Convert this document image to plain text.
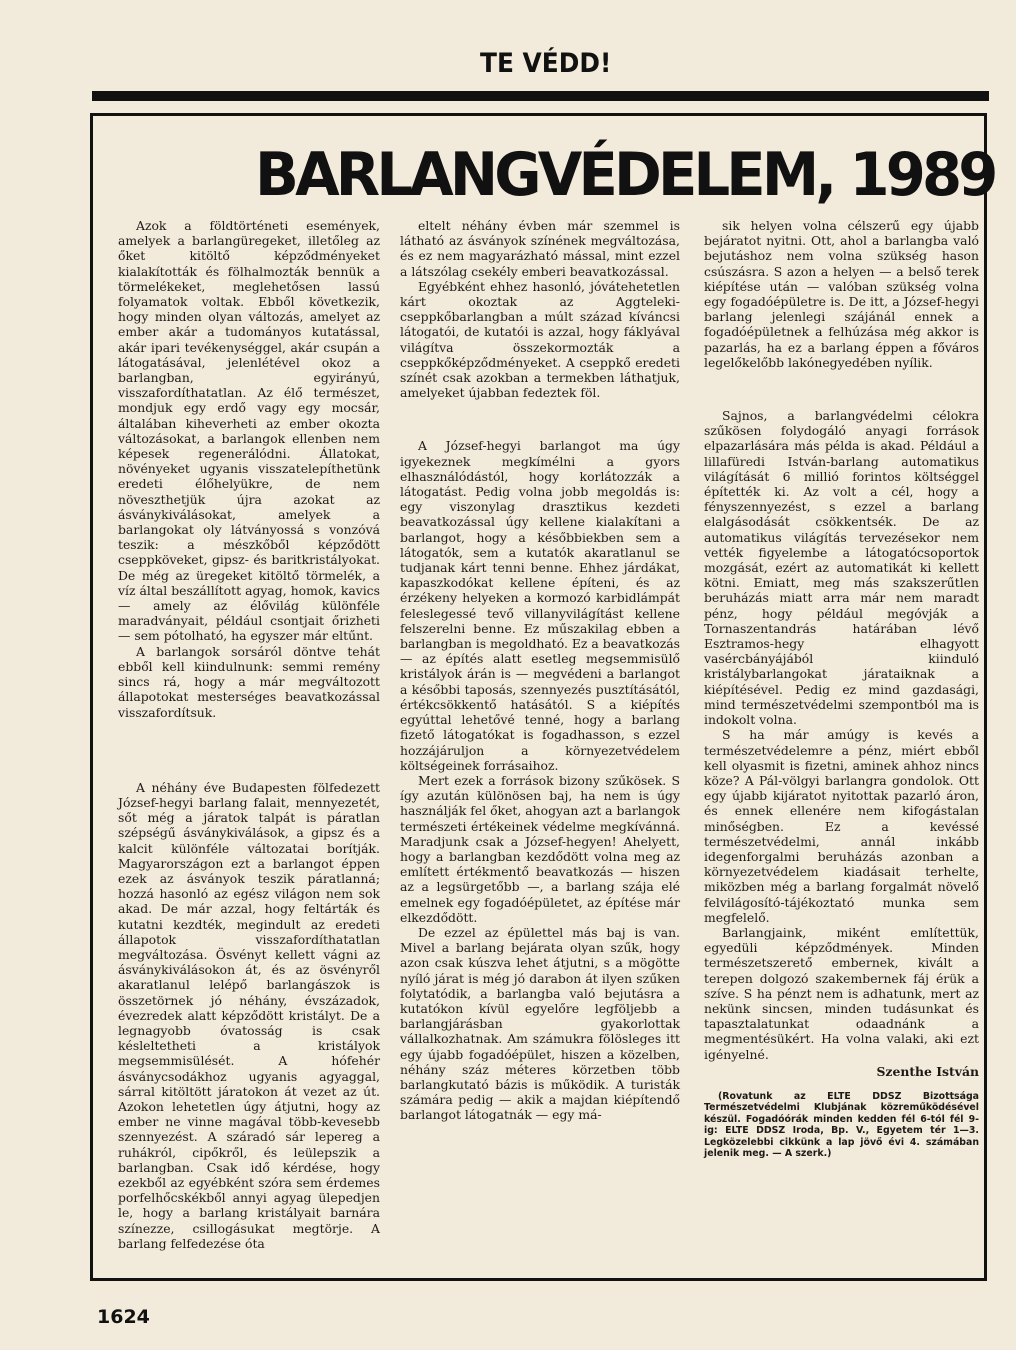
TE VÉDD!
BARLANGVÉDELEM, 1989

Azok a földtörténeti események, amelyek a barlangüregeket, illetőleg az őket kitöltő képződményeket kialakították és fölhalmozták bennük a törmelékeket, meglehetősen lassú folyamatok voltak. Ebből következik, hogy minden olyan változás, amelyet az ember akár a tudományos kutatással, akár ipari tevékenységgel, akár csupán a látogatásával, jelenlétével okoz a barlangban, egyirányú, visszafordíthatatlan. Az élő természet, mondjuk egy erdő vagy egy mocsár, általában kiheverheti az ember okozta változásokat, a barlangok ellenben nem képesek regenerálódni. Állatokat, növényeket ugyanis visszatelepíthetünk eredeti élőhelyükre, de nem növeszthetjük újra azokat az ásványkiválásokat, amelyek a barlangokat oly látványossá s vonzóvá teszik: a mészkőből képződött cseppköveket, gipsz- és baritkristályokat. De még az üregeket kitöltő törmelék, a víz által beszállított agyag, homok, kavics — amely az élővilág különféle maradványait, például csontjait őrizheti — sem pótolható, ha egyszer már eltűnt.

A barlangok sorsáról döntve tehát ebből kell kiindulnunk: semmi remény sincs rá, hogy a már megváltozott állapotokat mesterséges beavatkozással visszafordítsuk.

A néhány éve Budapesten fölfedezett József-hegyi barlang falait, mennyezetét, sőt még a járatok talpát is páratlan szépségű ásványkiválások, a gipsz és a kalcit különféle változatai borítják. Magyarországon ezt a barlangot éppen ezek az ásványok teszik páratlanná; hozzá hasonló az egész világon nem sok akad. De már azzal, hogy feltárták és kutatni kezdték, megindult az eredeti állapotok visszafordíthatatlan megváltozása. Ösvényt kellett vágni az ásványkiválásokon át, és az ösvényről akaratlanul lelépő barlangászok is összetörnek jó néhány, évszázadok, évezredek alatt képződött kristályt. De a legnagyobb óvatosság is csak késleltetheti a kristályok megsemmisülését. A hófehér ásványcsodákhoz ugyanis agyaggal, sárral kitöltött járatokon át vezet az út. Azokon lehetetlen úgy átjutni, hogy az ember ne vinne magával több-kevesebb szennyezést. A száradó sár lepereg a ruhákról, cipőkről, és leülepszik a barlangban. Csak idő kérdése, hogy ezekből az egyébként szóra sem érdemes porfelhőcskékből annyi agyag ülepedjen le, hogy a barlang kristályait barnára színezze, csillogásukat megtörje. A barlang felfedezése óta

eltelt néhány évben már szemmel is látható az ásványok színének megváltozása, és ez nem magyarázható mással, mint ezzel a látszólag csekély emberi beavatkozással.

Egyébként ehhez hasonló, jóvátehetetlen kárt okoztak az Aggteleki-cseppkőbarlangban a múlt század kíváncsi látogatói, de kutatói is azzal, hogy fáklyával világítva összekormozták a cseppkőképződményeket. A cseppkő eredeti színét csak azokban a termekben láthatjuk, amelyeket újabban fedeztek föl.

A József-hegyi barlangot ma úgy igyekeznek megkímélni a gyors elhasználódástól, hogy korlátozzák a látogatást. Pedig volna jobb megoldás is: egy viszonylag drasztikus kezdeti beavatkozással úgy kellene kialakítani a barlangot, hogy a későbbiekben sem a látogatók, sem a kutatók akaratlanul se tudjanak kárt tenni benne. Ehhez járdákat, kapaszkodókat kellene építeni, és az érzékeny helyeken a kormozó karbidlámpát feleslegessé tevő villanyvilágítást kellene felszerelni benne. Ez műszakilag ebben a barlangban is megoldható. Ez a beavatkozás — az építés alatt esetleg megsemmisülő kristályok árán is — megvédeni a barlangot a későbbi taposás, szennyezés pusztításától, értékcsökkentő hatásától. S a kiépítés egyúttal lehetővé tenné, hogy a barlang fizető látogatókat is fogadhasson, s ezzel hozzájáruljon a környezetvédelem költségeinek forrásaihoz.

Mert ezek a források bizony szűkösek. S így azután különösen baj, ha nem is úgy használják fel őket, ahogyan azt a barlangok természeti értékeinek védelme megkívánná. Maradjunk csak a József-hegyen! Ahelyett, hogy a barlangban kezdődött volna meg az említett értékmentő beavatkozás — hiszen az a legsürgetőbb —, a barlang szája elé emelnek egy fogadóépületet, az építése már elkezdődött.

De ezzel az épülettel más baj is van. Mivel a barlang bejárata olyan szűk, hogy azon csak kúszva lehet átjutni, s a mögötte nyíló járat is még jó darabon át ilyen szűken folytatódik, a barlangba való bejutásra a kutatókon kívül egyelőre legföljebb a barlangjárásban gyakorlottak vállalkozhatnak. Am számukra fölösleges itt egy újabb fogadóépület, hiszen a közelben, néhány száz méteres körzetben több barlangkutató bázis is működik. A turisták számára pedig — akik a majdan kiépítendő barlangot látogatnák — egy má-

sik helyen volna célszerű egy újabb bejáratot nyitni. Ott, ahol a barlangba való bejutáshoz nem volna szükség hason csúszásra. S azon a helyen — a belső terek kiépítése után — valóban szükség volna egy fogadóépületre is. De itt, a József-hegyi barlang jelenlegi szájánál ennek a fogadóépületnek a felhúzása még akkor is pazarlás, ha ez a barlang éppen a főváros legelőkelőbb lakónegyedében nyílik.

Sajnos, a barlangvédelmi célokra szűkösen folydogáló anyagi források elpazarlására más példa is akad. Például a lillafüredi István-barlang automatikus világítását 6 millió forintos költséggel építették ki. Az volt a cél, hogy a fényszennyezést, s ezzel a barlang elalgásodását csökkentsék. De az automatikus világítás tervezésekor nem vették figyelembe a látogatócsoportok mozgását, ezért az automatikát ki kellett kötni. Emiatt, meg más szakszerűtlen beruházás miatt arra már nem maradt pénz, hogy például megóvják a Tornaszentandrás határában lévő Esztramos-hegy elhagyott vasércbányájából kiinduló kristálybarlangokat járataiknak a kiépítésével. Pedig ez mind gazdasági, mind természetvédelmi szempontból ma is indokolt volna.

S ha már amúgy is kevés a természetvédelemre a pénz, miért ebből kell olyasmit is fizetni, aminek ahhoz nincs köze? A Pál-völgyi barlangra gondolok. Ott egy újabb kijáratot nyitottak pazarló áron, és ennek ellenére nem kifogástalan minőségben. Ez a kevéssé természetvédelmi, annál inkább idegenforgalmi beruházás azonban a környezetvédelem kiadásait terhelte, miközben még a barlang forgalmát növelő felvilágosító-tájékoztató munka sem megfelelő.

Barlangjaink, miként említettük, egyedüli képződmények. Minden természetszerető embernek, kivált a terepen dolgozó szakembernek fáj érük a szíve. S ha pénzt nem is adhatunk, mert az nekünk sincsen, minden tudásunkat és tapasztalatunkat odaadnánk a megmentésükért. Ha volna valaki, aki ezt igényelné.

Szenthe István

(Rovatunk az ELTE DDSZ Bizottsága Természetvédelmi Klubjának közreműködésével készül. Fogadóórák minden kedden fél 6-tól fél 9-ig: ELTE DDSZ Iroda, Bp. V., Egyetem tér 1—3. Legközelebbi cikkünk a lap jövő évi 4. számában jelenik meg. — A szerk.)

1624
